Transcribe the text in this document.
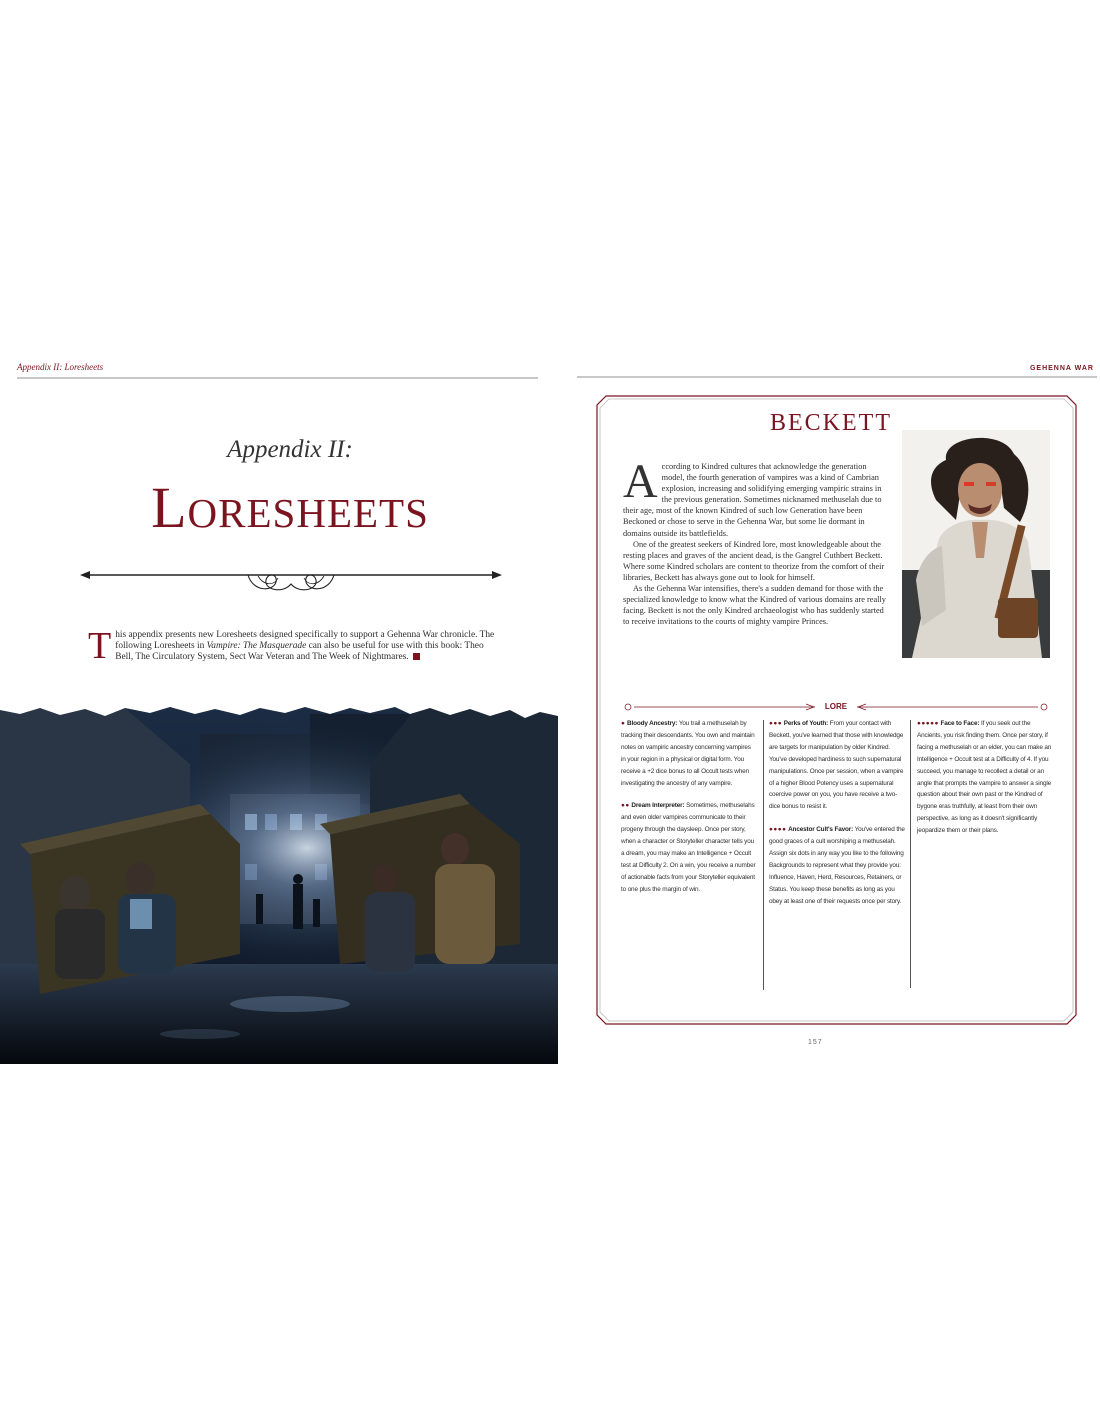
Appendix II: Loresheets
Appendix II:
Loresheets
This appendix presents new Loresheets designed specifically to support a Gehenna War chronicle. The following Loresheets in Vampire: The Masquerade can also be useful for use with this book: Theo Bell, The Circulatory System, Sect War Veteran and The Week of Nightmares.
GEHENNA WAR
BECKETT

According to Kindred cultures that acknowledge the generation model, the fourth generation of vampires was a kind of Cambrian explosion, increasing and solidifying emerging vampiric strains in the previous generation. Sometimes nicknamed methuselah due to their age, most of the known Kindred of such low Generation have been Beckoned or chose to serve in the Gehenna War, but some lie dormant in domains outside its battlefields.

One of the greatest seekers of Kindred lore, most knowledgeable about the resting places and graves of the ancient dead, is the Gangrel Cuthbert Beckett. Where some Kindred scholars are content to theorize from the comfort of their libraries, Beckett has always gone out to look for himself.

As the Gehenna War intensifies, there's a sudden demand for those with the specialized knowledge to know what the Kindred of various domains are really facing. Beckett is not the only Kindred archaeologist who has suddenly started to receive invitations to the courts of mighty vampire Princes.

LORE

● Bloody Ancestry: You trail a methuselah by tracking their descendants. You own and maintain notes on vampiric ancestry concerning vampires in your region in a physical or digital form. You receive a +2 dice bonus to all Occult tests when investigating the ancestry of any vampire.

●● Dream Interpreter: Sometimes, methuselahs and even older vampires communicate to their progeny through the daysleep. Once per story, when a character or Storyteller character tells you a dream, you may make an Intelligence + Occult test at Difficulty 2. On a win, you receive a number of actionable facts from your Storyteller equivalent to one plus the margin of win.

●●● Perks of Youth: From your contact with Beckett, you've learned that those with knowledge are targets for manipulation by older Kindred. You've developed hardiness to such supernatural manipulations. Once per session, when a vampire of a higher Blood Potency uses a supernatural coercive power on you, you have receive a two-dice bonus to resist it.

●●●● Ancestor Cult's Favor: You've entered the good graces of a cult worshiping a methuselah. Assign six dots in any way you like to the following Backgrounds to represent what they provide you: Influence, Haven, Herd, Resources, Retainers, or Status. You keep these benefits as long as you obey at least one of their requests once per story.

●●●●● Face to Face: If you seek out the Ancients, you risk finding them. Once per story, if facing a methuselah or an elder, you can make an Intelligence + Occult test at a Difficulty of 4. If you succeed, you manage to recollect a detail or an angle that prompts the vampire to answer a single question about their own past or the Kindred of bygone eras truthfully, at least from their own perspective, as long as it doesn't significantly jeopardize them or their plans.

157
